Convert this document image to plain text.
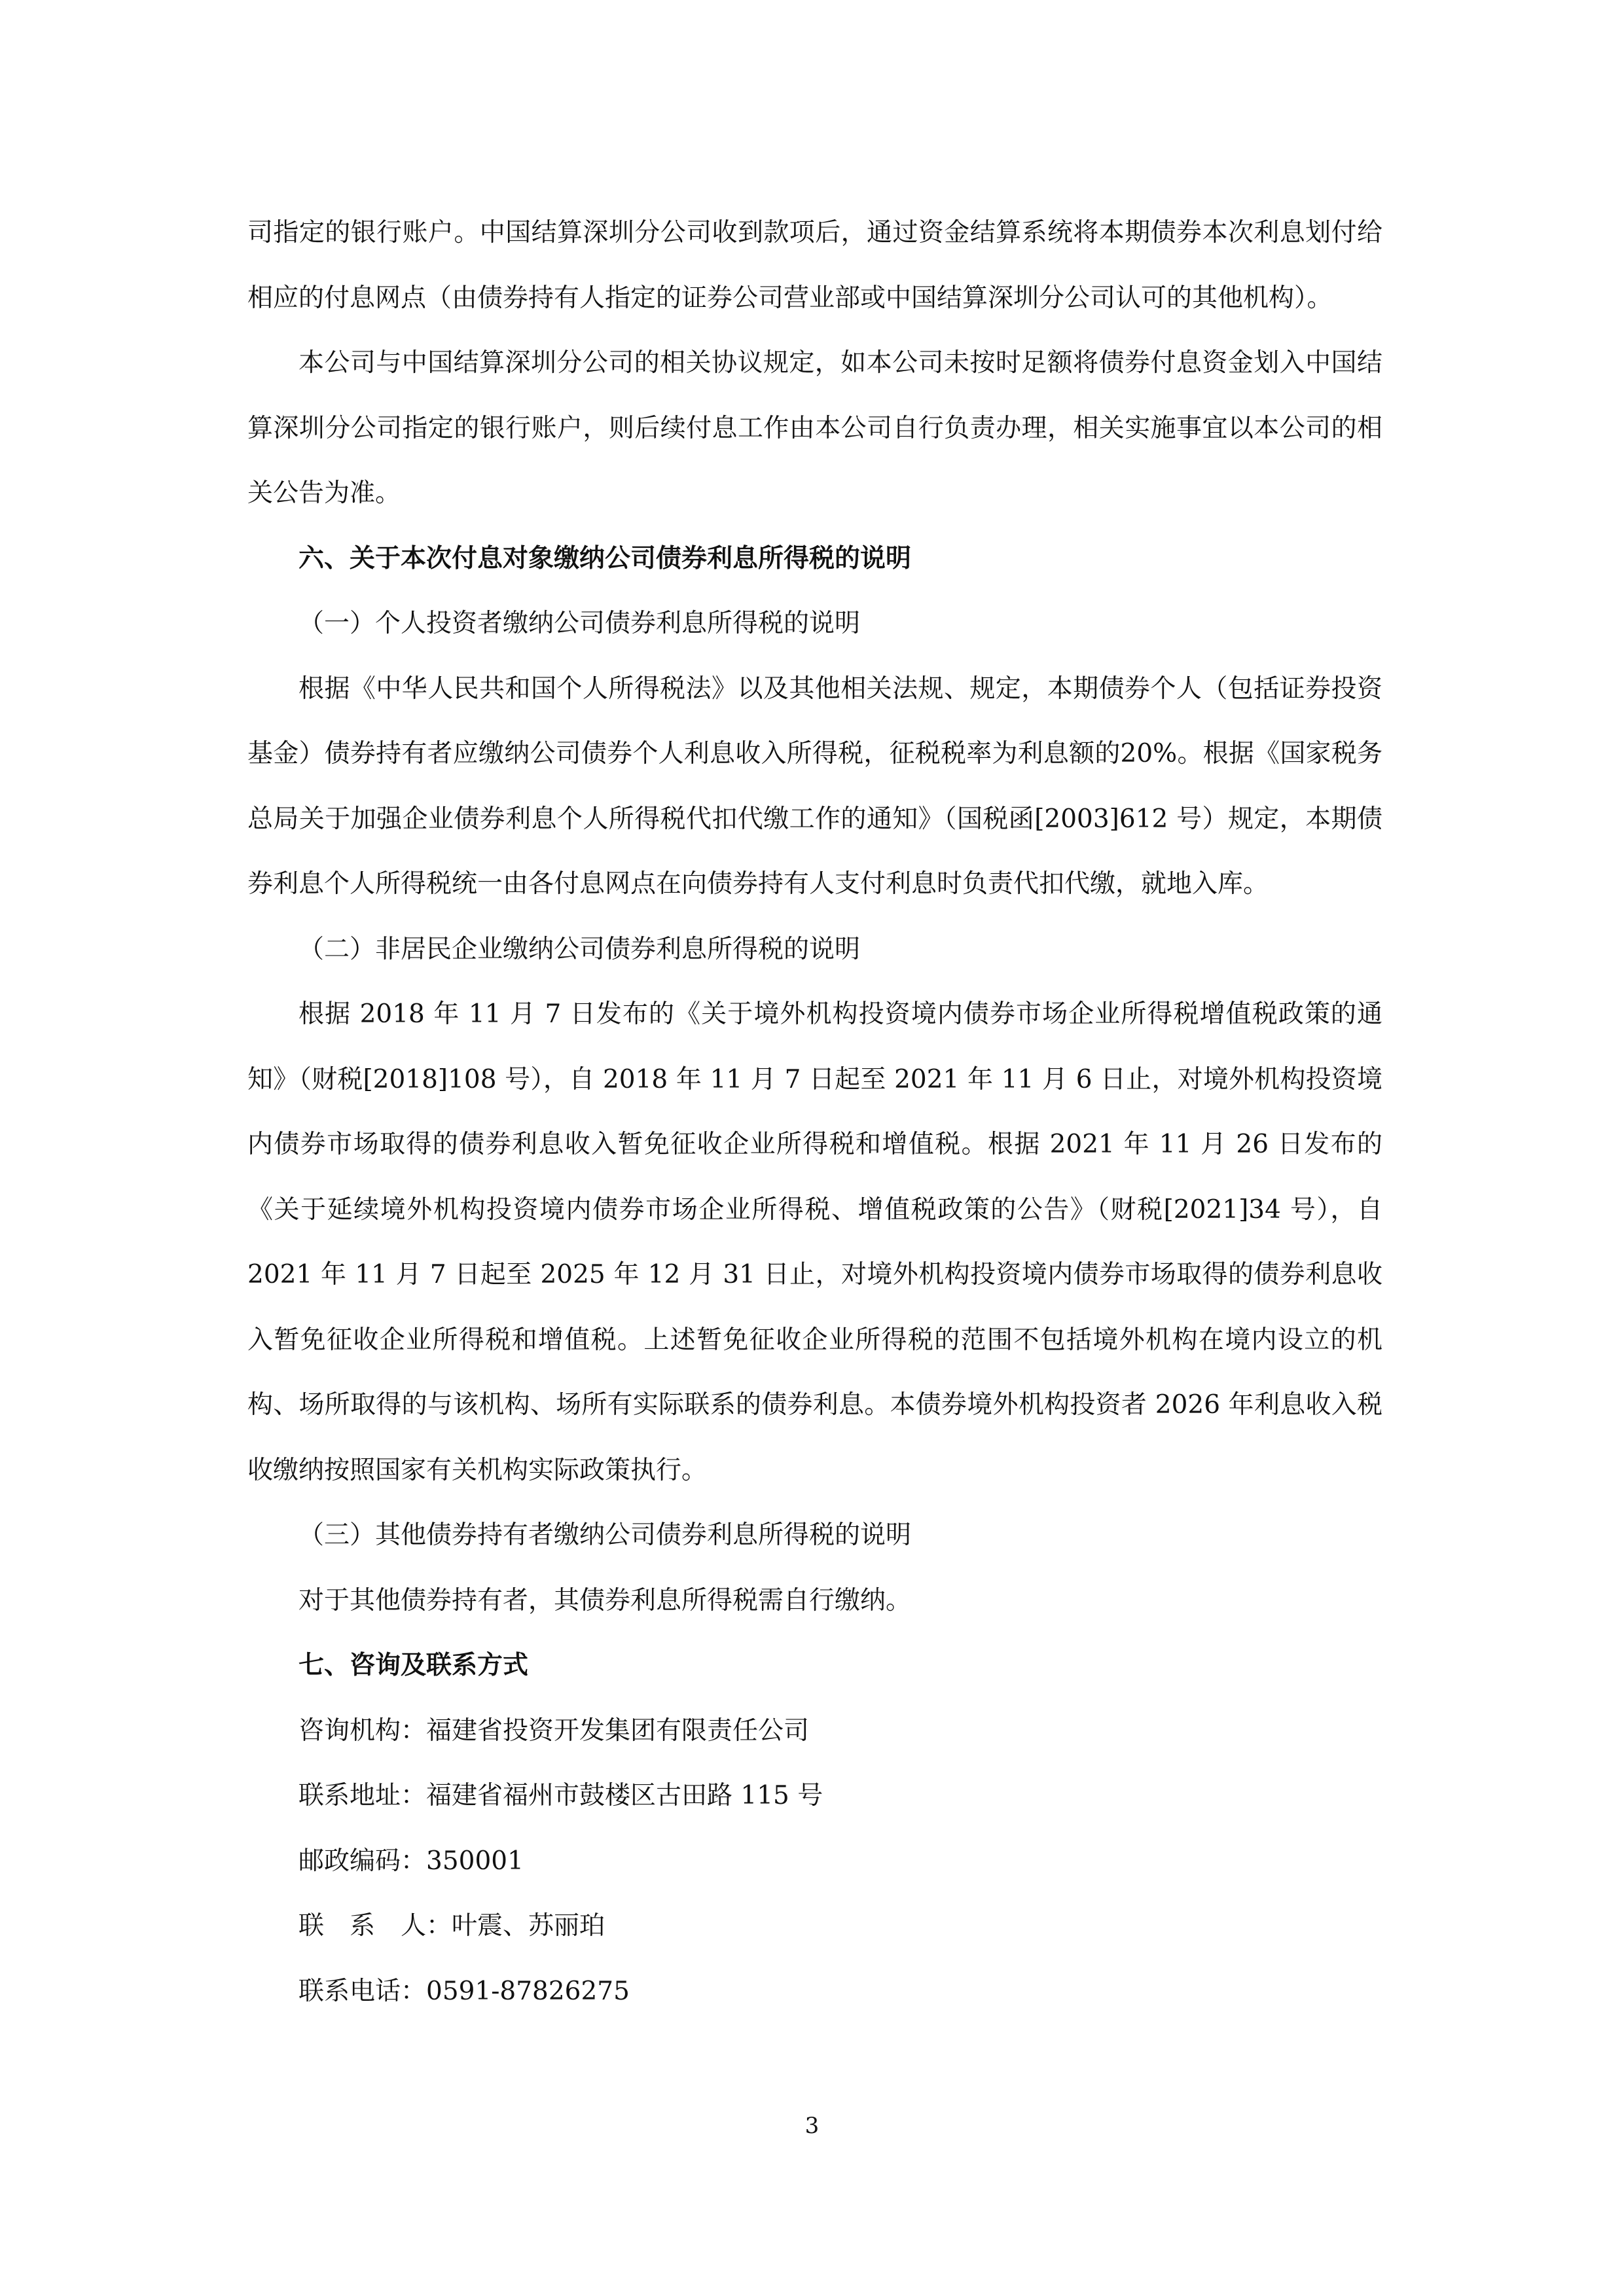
司指定的银行账户。中国结算深圳分公司收到款项后，通过资金结算系统将本期债券本次利息划付给相应的付息网点（由债券持有人指定的证券公司营业部或中国结算深圳分公司认可的其他机构）。

本公司与中国结算深圳分公司的相关协议规定，如本公司未按时足额将债券付息资金划入中国结算深圳分公司指定的银行账户，则后续付息工作由本公司自行负责办理，相关实施事宜以本公司的相关公告为准。

六、关于本次付息对象缴纳公司债券利息所得税的说明

（一）个人投资者缴纳公司债券利息所得税的说明

根据《中华人民共和国个人所得税法》以及其他相关法规、规定，本期债券个人（包括证券投资基金）债券持有者应缴纳公司债券个人利息收入所得税，征税税率为利息额的20%。根据《国家税务总局关于加强企业债券利息个人所得税代扣代缴工作的通知》（国税函[2003]612 号）规定，本期债券利息个人所得税统一由各付息网点在向债券持有人支付利息时负责代扣代缴，就地入库。

（二）非居民企业缴纳公司债券利息所得税的说明

根据 2018 年 11 月 7 日发布的《关于境外机构投资境内债券市场企业所得税增值税政策的通知》（财税[2018]108 号），自 2018 年 11 月 7 日起至 2021 年 11 月 6 日止，对境外机构投资境内债券市场取得的债券利息收入暂免征收企业所得税和增值税。根据 2021 年 11 月 26 日发布的《关于延续境外机构投资境内债券市场企业所得税、增值税政策的公告》（财税[2021]34 号），自 2021 年 11 月 7 日起至 2025 年 12 月 31 日止，对境外机构投资境内债券市场取得的债券利息收入暂免征收企业所得税和增值税。上述暂免征收企业所得税的范围不包括境外机构在境内设立的机构、场所取得的与该机构、场所有实际联系的债券利息。本债券境外机构投资者 2026 年利息收入税收缴纳按照国家有关机构实际政策执行。

（三）其他债券持有者缴纳公司债券利息所得税的说明

对于其他债券持有者，其债券利息所得税需自行缴纳。

七、咨询及联系方式

咨询机构：福建省投资开发集团有限责任公司

联系地址：福建省福州市鼓楼区古田路 115 号

邮政编码：350001

联　系　人：叶震、苏丽珀

联系电话：0591-87826275

3
